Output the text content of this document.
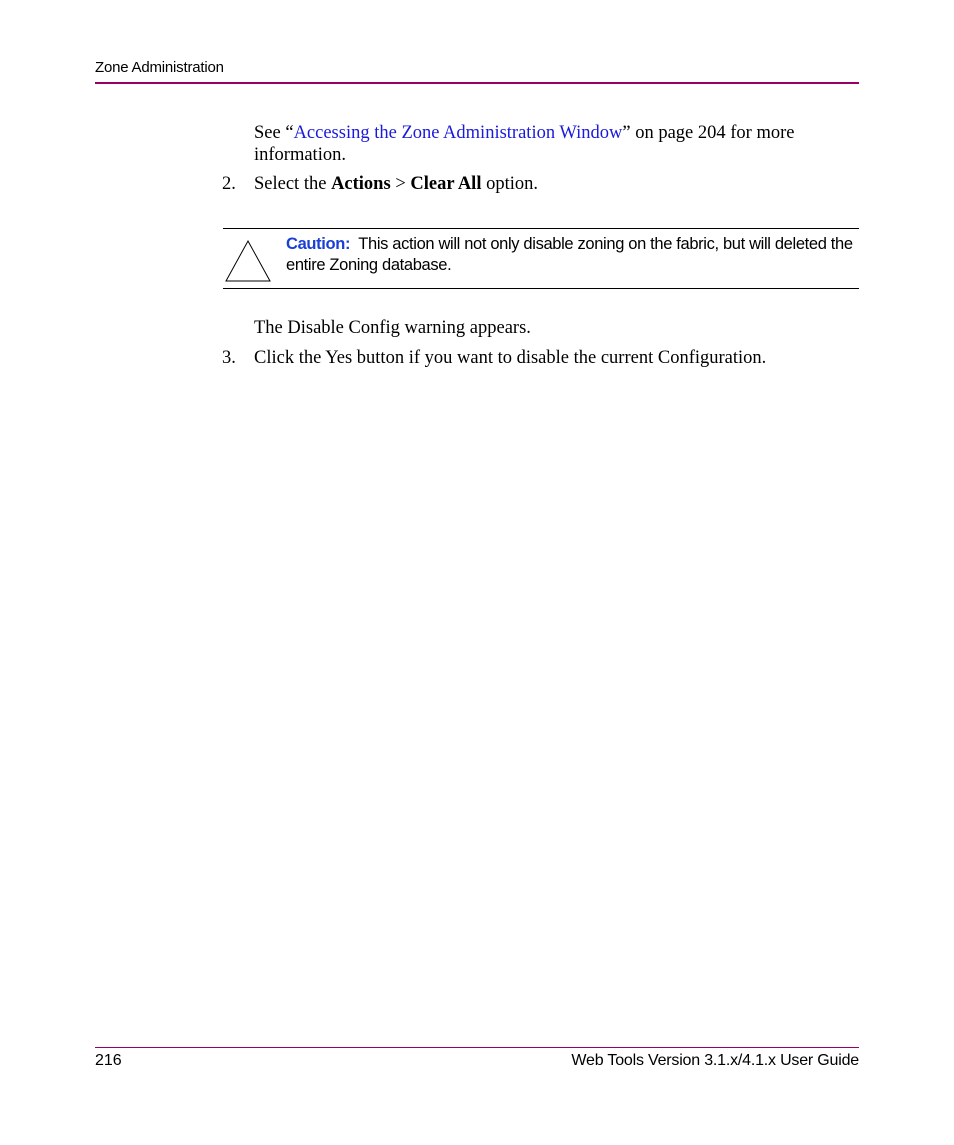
Zone Administration
See “Accessing the Zone Administration Window” on page 204 for more information.
2. Select the Actions > Clear All option.
Caution: This action will not only disable zoning on the fabric, but will deleted the entire Zoning database.
The Disable Config warning appears.
3. Click the Yes button if you want to disable the current Configuration.
216	Web Tools Version 3.1.x/4.1.x User Guide
